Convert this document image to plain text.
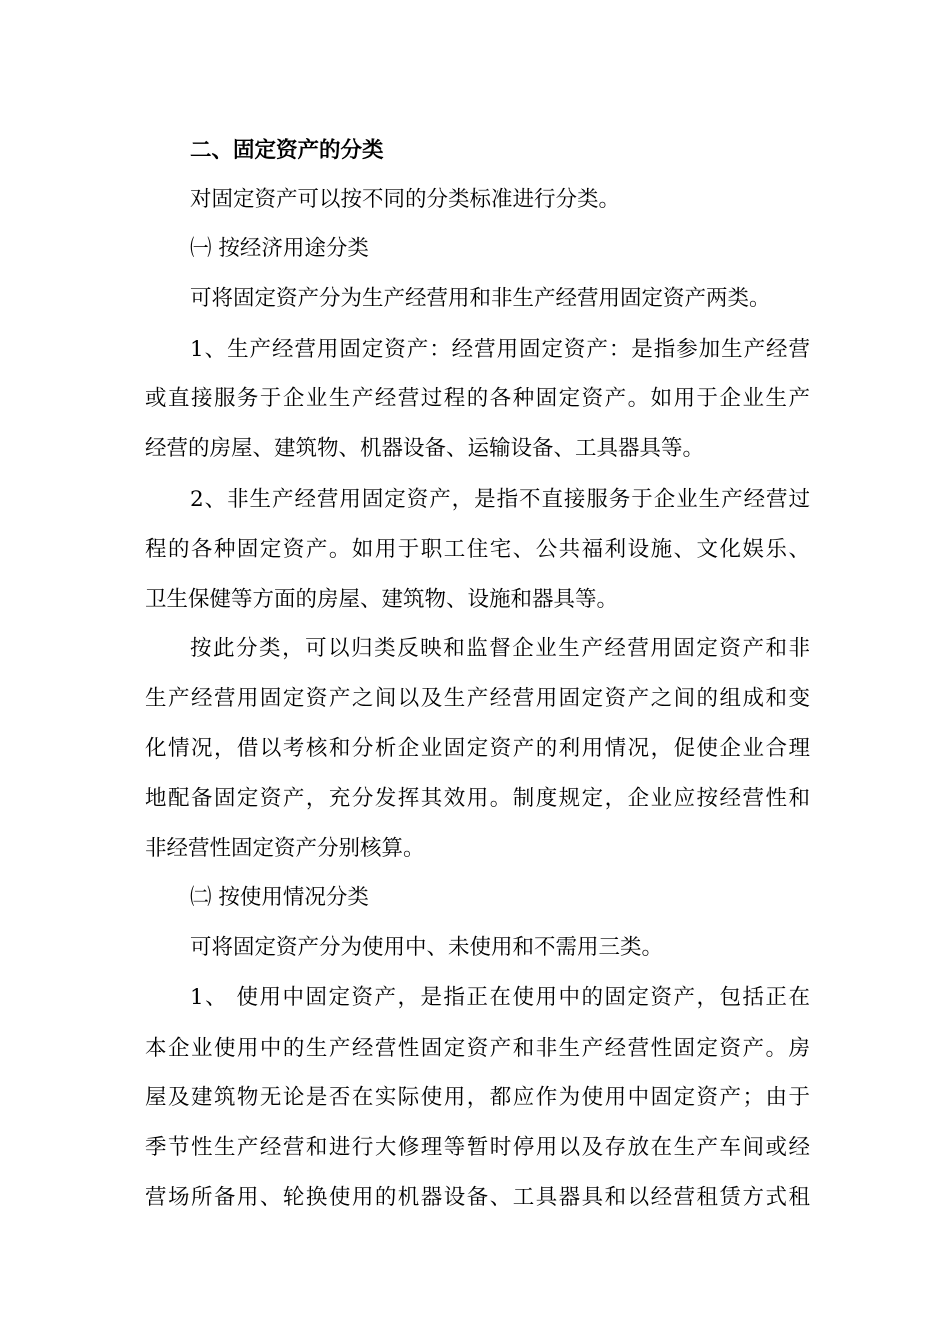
二、固定资产的分类
对固定资产可以按不同的分类标准进行分类。
㈠ 按经济用途分类
可将固定资产分为生产经营用和非生产经营用固定资产两类。
1、生产经营用固定资产：经营用固定资产：是指参加生产经营
或直接服务于企业生产经营过程的各种固定资产。如用于企业生产
经营的房屋、建筑物、机器设备、运输设备、工具器具等。
2、非生产经营用固定资产，是指不直接服务于企业生产经营过
程的各种固定资产。如用于职工住宅、公共福利设施、文化娱乐、
卫生保健等方面的房屋、建筑物、设施和器具等。
按此分类，可以归类反映和监督企业生产经营用固定资产和非
生产经营用固定资产之间以及生产经营用固定资产之间的组成和变
化情况，借以考核和分析企业固定资产的利用情况，促使企业合理
地配备固定资产，充分发挥其效用。制度规定，企业应按经营性和
非经营性固定资产分别核算。
㈡ 按使用情况分类
可将固定资产分为使用中、未使用和不需用三类。
1、 使用中固定资产，是指正在使用中的固定资产，包括正在
本企业使用中的生产经营性固定资产和非生产经营性固定资产。房
屋及建筑物无论是否在实际使用，都应作为使用中固定资产；由于
季节性生产经营和进行大修理等暂时停用以及存放在生产车间或经
营场所备用、轮换使用的机器设备、工具器具和以经营租赁方式租
